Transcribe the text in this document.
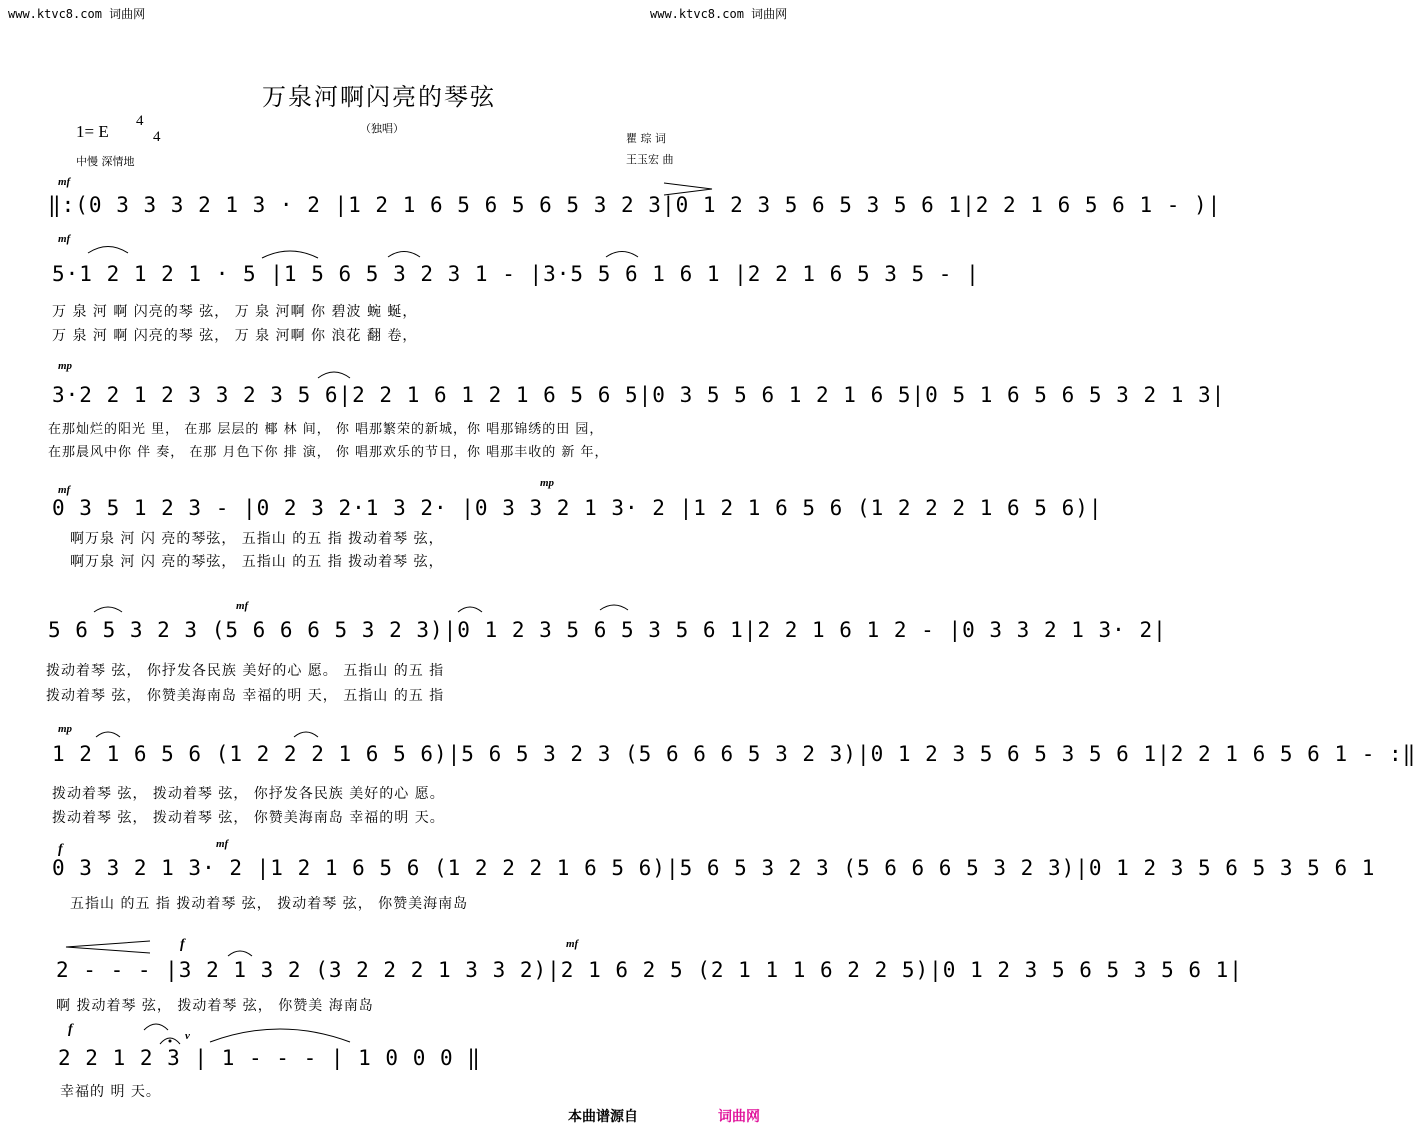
www.ktvc8.com 词曲网	www.ktvc8.com 词曲网
万泉河啊闪亮的琴弦
（独唱）
1= E
4
4
中慢 深情地
瞿 琮 词
王玉宏 曲
mf
mf
mp
mf
mp
mf
mp
f	mf
f	mf
f	v
‖:(0 3 3 3 2 1 3 · 2 |1 2 1 6 5 6 5 6 5 3 2 3|0 1 2 3 5 6 5 3 5 6 1|2 2 1 6 5 6 1 - )|
5·1 2 1 2 1 · 5 |1 5 6 5 3 2 3 1 - |3·5 5 6 1 6 1 |2 2 1 6 5 3 5 - |
万 泉 河 啊 闪亮的琴 弦， 万 泉 河啊 你 碧波 蜿 蜒，
万 泉 河 啊 闪亮的琴 弦， 万 泉 河啊 你 浪花 翻 卷，
3·2 2 1 2 3 3 2 3 5 6|2 2 1 6 1 2 1 6 5 6 5|0 3 5 5 6 1 2 1 6 5|0 5 1 6 5 6 5 3 2 1 3|
在那灿烂的阳光 里， 在那 层层的 椰 林 间， 你 唱那繁荣的新城，你 唱那锦绣的田 园，
在那晨风中你 伴 奏， 在那 月色下你 排 演， 你 唱那欢乐的节日，你 唱那丰收的 新 年，
0 3 5 1 2 3 - |0 2 3 2·1 3 2· |0 3 3 2 1 3· 2 |1 2 1 6 5 6 (1 2 2 2 1 6 5 6)|
啊万泉 河 闪 亮的琴弦， 五指山 的五 指 拨动着琴 弦，
啊万泉 河 闪 亮的琴弦， 五指山 的五 指 拨动着琴 弦，
5 6 5 3 2 3 (5 6 6 6 5 3 2 3)|0 1 2 3 5 6 5 3 5 6 1|2 2 1 6 1 2 - |0 3 3 2 1 3· 2|
拨动着琴 弦， 你抒发各民族 美好的心 愿。 五指山 的五 指
拨动着琴 弦， 你赞美海南岛 幸福的明 天， 五指山 的五 指
1 2 1 6 5 6 (1 2 2 2 1 6 5 6)|5 6 5 3 2 3 (5 6 6 6 5 3 2 3)|0 1 2 3 5 6 5 3 5 6 1|2 2 1 6 5 6 1 - :‖
拨动着琴 弦， 拨动着琴 弦， 你抒发各民族 美好的心 愿。
拨动着琴 弦， 拨动着琴 弦， 你赞美海南岛 幸福的明 天。
0 3 3 2 1 3· 2 |1 2 1 6 5 6 (1 2 2 2 1 6 5 6)|5 6 5 3 2 3 (5 6 6 6 5 3 2 3)|0 1 2 3 5 6 5 3 5 6 1
五指山 的五 指 拨动着琴 弦， 拨动着琴 弦， 你赞美海南岛
2 - - - |3 2 1 3 2 (3 2 2 2 1 3 3 2)|2 1 6 2 5 (2 1 1 1 6 2 2 5)|0 1 2 3 5 6 5 3 5 6 1|
啊 拨动着琴 弦， 拨动着琴 弦， 你赞美 海南岛
2 2 1 2 3 | 1 - - - | 1 0 0 0 ‖
幸福的 明 天。
本曲谱源自	词曲网
